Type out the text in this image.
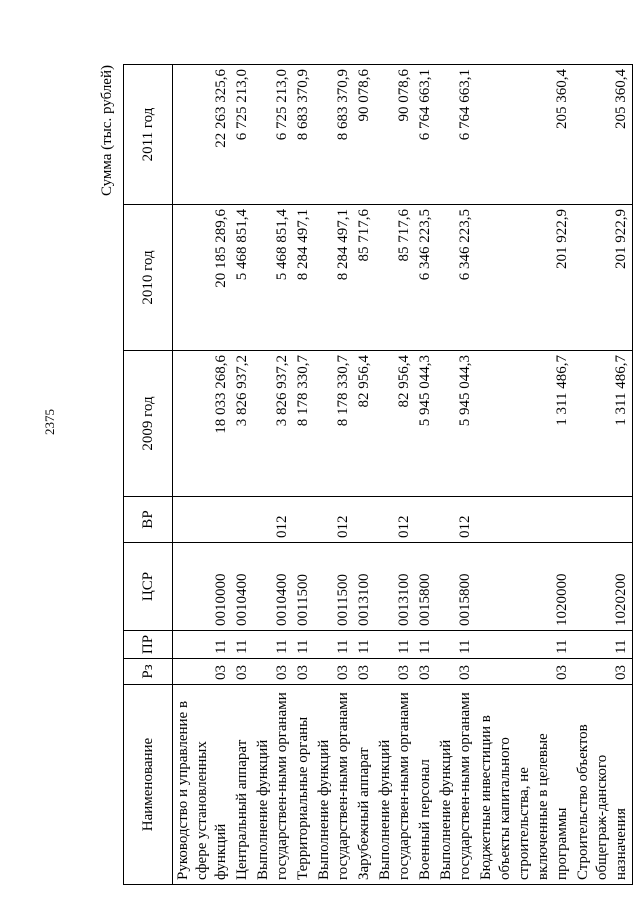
2375
Сумма (тыс. рублей)
Наименование	Рз	ПР	ЦСР	ВР	2009 год	2010 год	2011 год
Руководство и управление в сфере установленных функций	03	11	0010000		18 033 268,6	20 185 289,6	22 263 325,6
Центральный аппарат	03	11	0010400		3 826 937,2	5 468 851,4	6 725 213,0
Выполнение функций государствен-ными органами	03	11	0010400	012	3 826 937,2	5 468 851,4	6 725 213,0
Территориальные органы	03	11	0011500		8 178 330,7	8 284 497,1	8 683 370,9
Выполнение функций государствен-ными органами	03	11	0011500	012	8 178 330,7	8 284 497,1	8 683 370,9
Зарубежный аппарат	03	11	0013100		82 956,4	85 717,6	90 078,6
Выполнение функций государствен-ными органами	03	11	0013100	012	82 956,4	85 717,6	90 078,6
Военный персонал	03	11	0015800		5 945 044,3	6 346 223,5	6 764 663,1
Выполнение функций государствен-ными органами	03	11	0015800	012	5 945 044,3	6 346 223,5	6 764 663,1
Бюджетные инвестиции в объекты капитального строительства, не включенные в целевые программы	03	11	1020000		1 311 486,7	201 922,9	205 360,4
Строительство объектов общеграж-данского назначения	03	11	1020200		1 311 486,7	201 922,9	205 360,4
